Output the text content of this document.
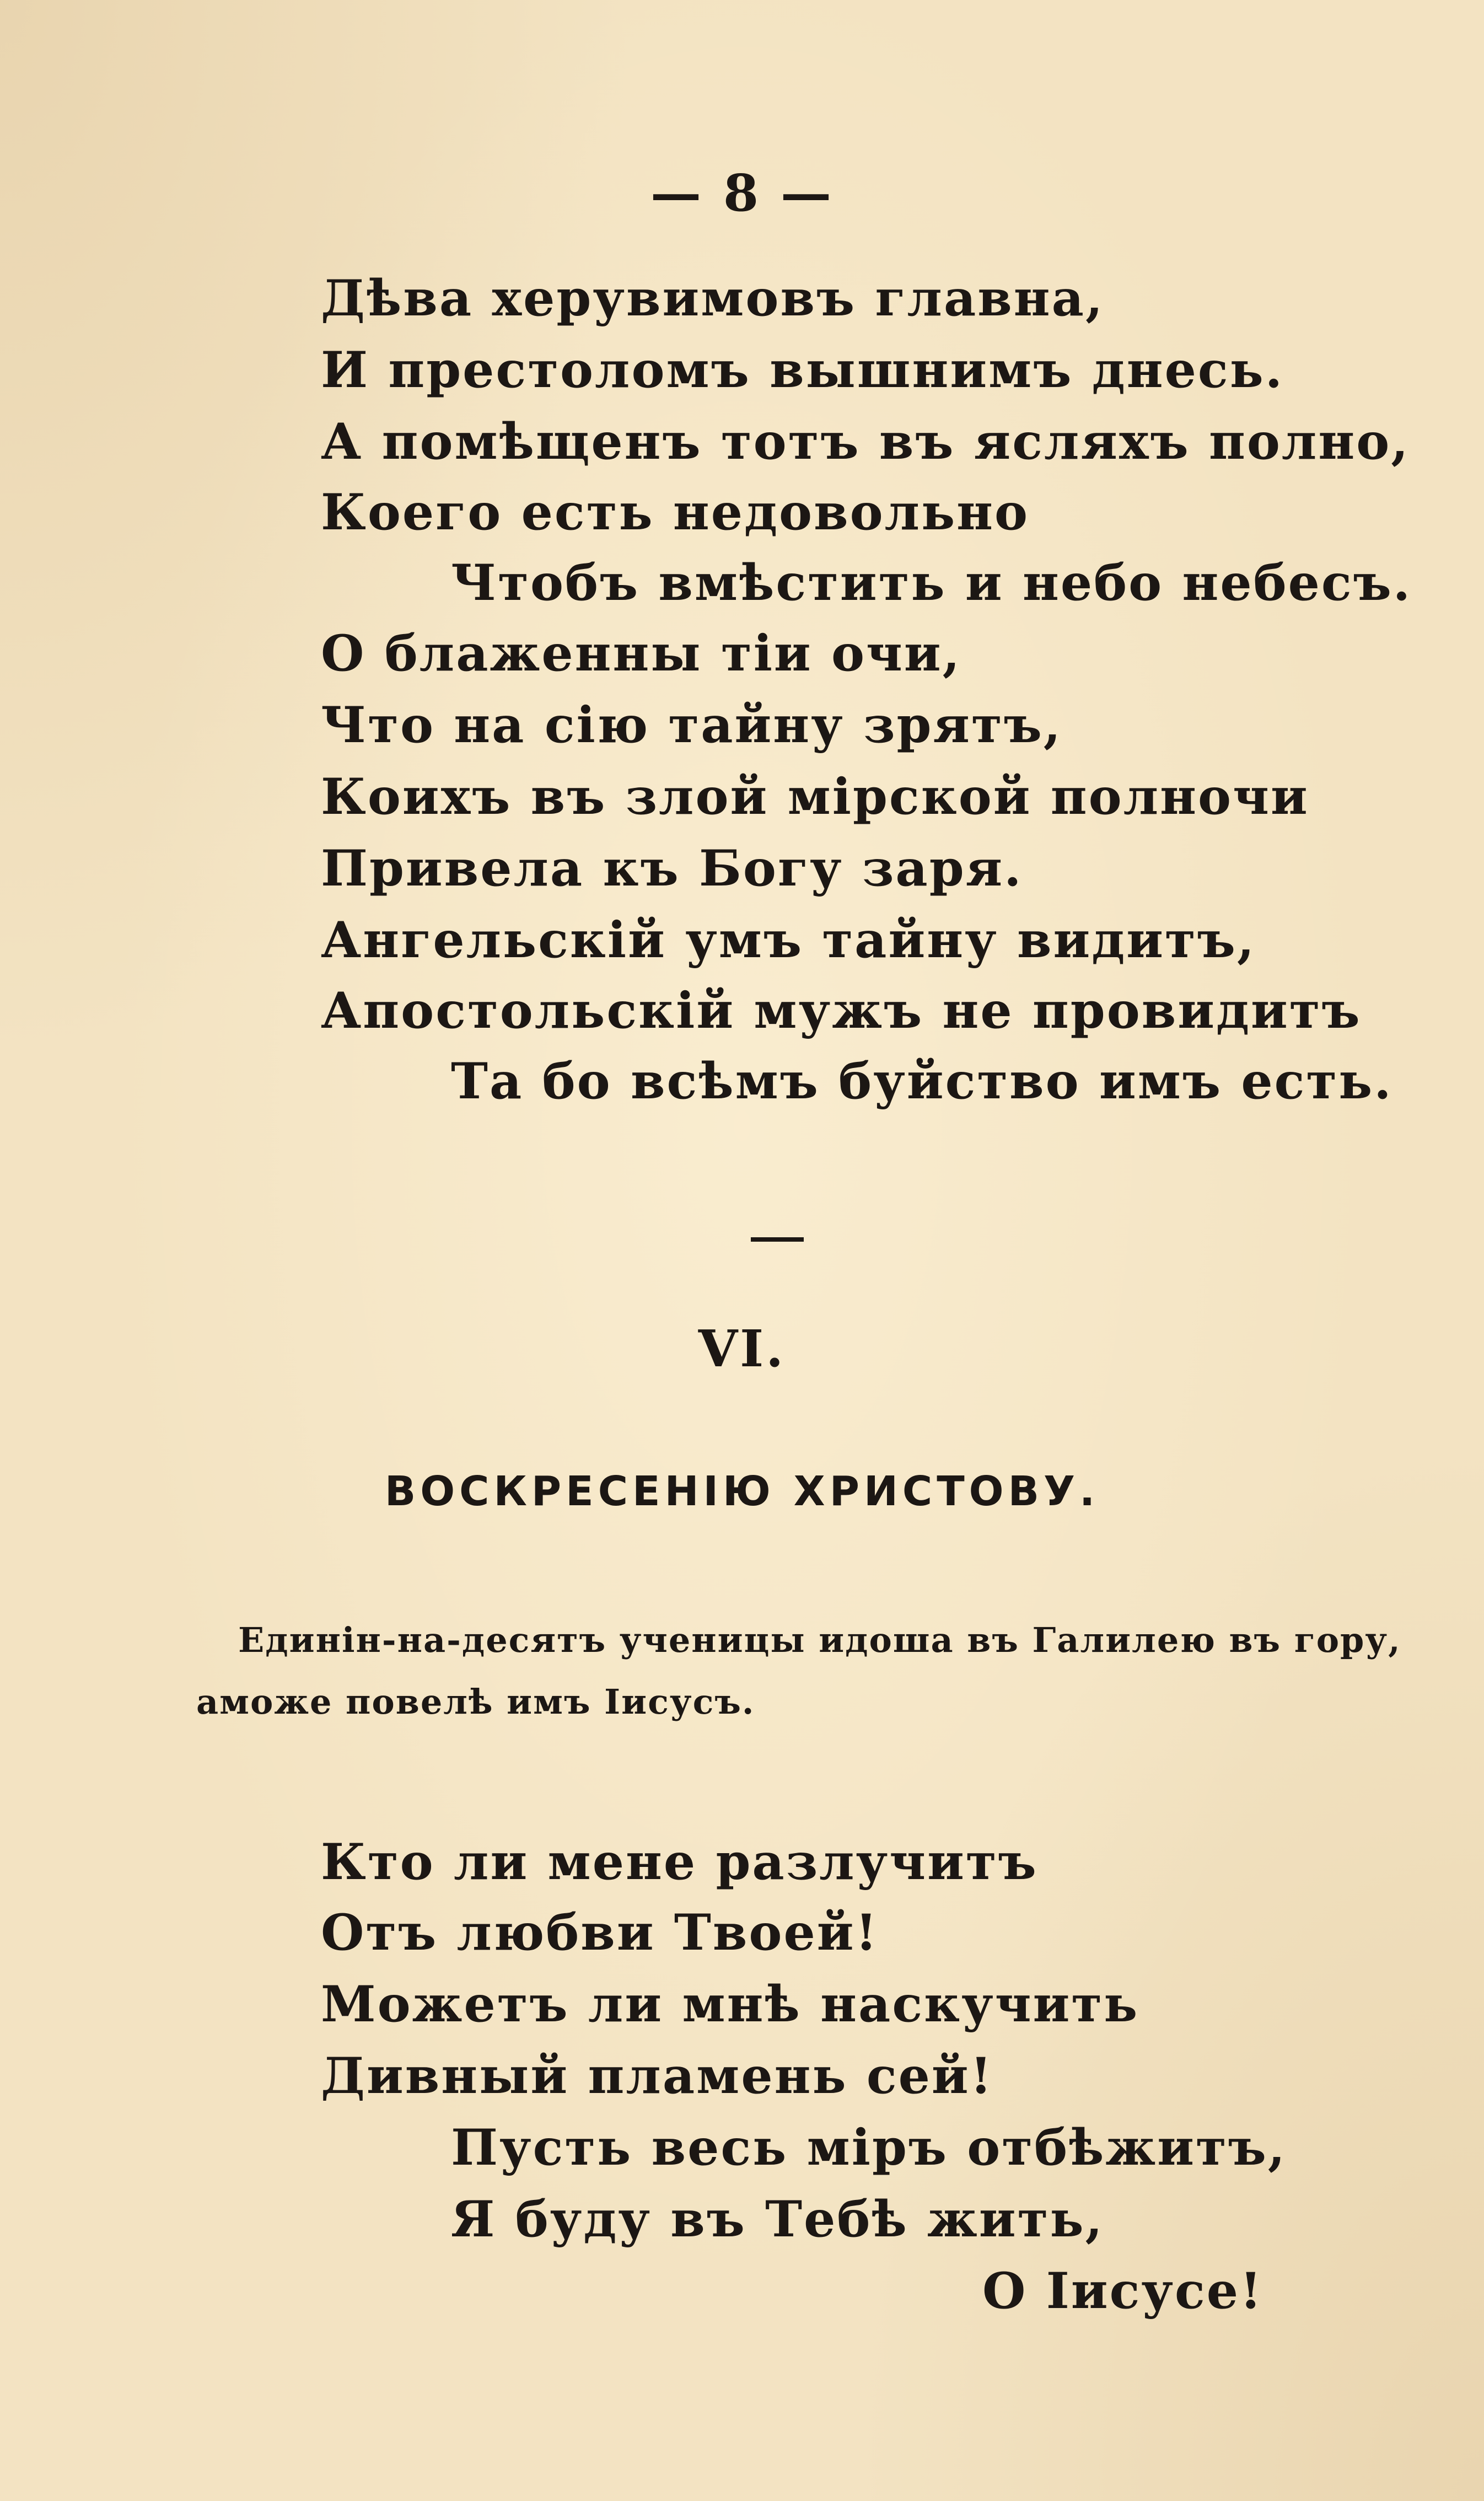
— 8 —
Дѣва херувимовъ главна,
И престоломъ вышнимъ днесь.
А помѣщенъ тотъ въ ясляхъ полно,
Коего есть недовольно
Чтобъ вмѣстить и небо небесъ.
О блаженны тіи очи,
Что на сію тайну зрятъ,
Коихъ въ злой мірской полночи
Привела къ Богу заря.
Ангельскій умъ тайну видитъ,
Апостольскій мужъ не провидитъ
Та бо всѣмъ буйство имъ есть.
VI.
ВОСКРЕСЕНІЮ ХРИСТОВУ.
Единін-на-десятъ ученицы идоша въ Галилею въ гору,
аможе повелѣ имъ Іисусъ.
Кто ли мене разлучитъ
Отъ любви Твоей!
Можетъ ли мнѣ наскучить
Дивный пламень сей!
Пусть весь міръ отбѣжитъ,
Я буду въ Тебѣ жить,
О Іисусе!
